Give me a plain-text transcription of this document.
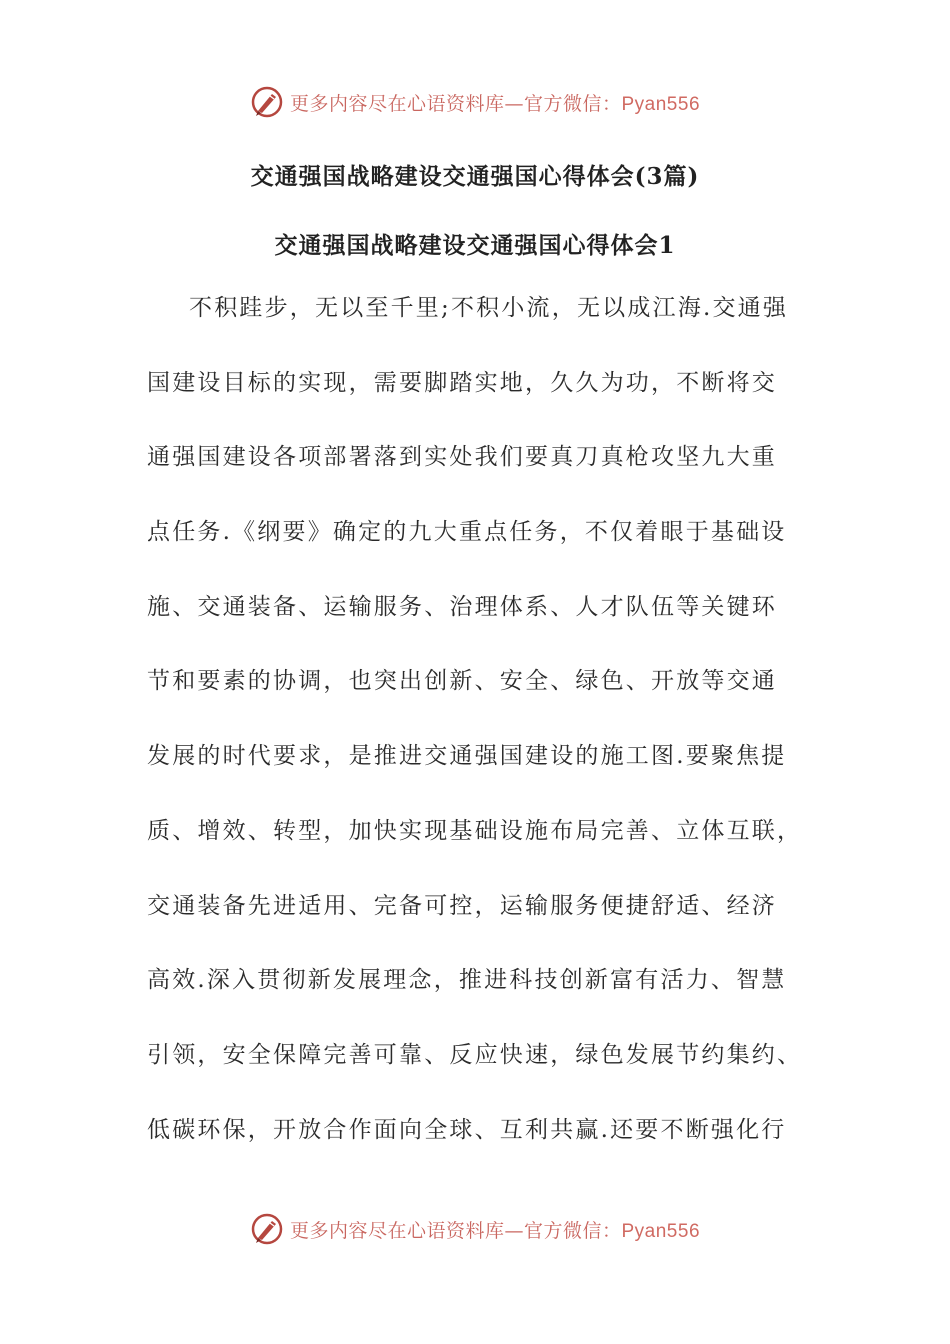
更多内容尽在心语资料库—官方微信：Pyan556
交通强国战略建设交通强国心得体会(3篇)
交通强国战略建设交通强国心得体会1
不积跬步，无以至千里;不积小流，无以成江海.交通强
国建设目标的实现，需要脚踏实地，久久为功，不断将交
通强国建设各项部署落到实处我们要真刀真枪攻坚九大重
点任务.《纲要》确定的九大重点任务，不仅着眼于基础设
施、交通装备、运输服务、治理体系、人才队伍等关键环
节和要素的协调，也突出创新、安全、绿色、开放等交通
发展的时代要求，是推进交通强国建设的施工图.要聚焦提
质、增效、转型，加快实现基础设施布局完善、立体互联，
交通装备先进适用、完备可控，运输服务便捷舒适、经济
高效.深入贯彻新发展理念，推进科技创新富有活力、智慧
引领，安全保障完善可靠、反应快速，绿色发展节约集约、
低碳环保，开放合作面向全球、互利共赢.还要不断强化行
更多内容尽在心语资料库—官方微信：Pyan556
